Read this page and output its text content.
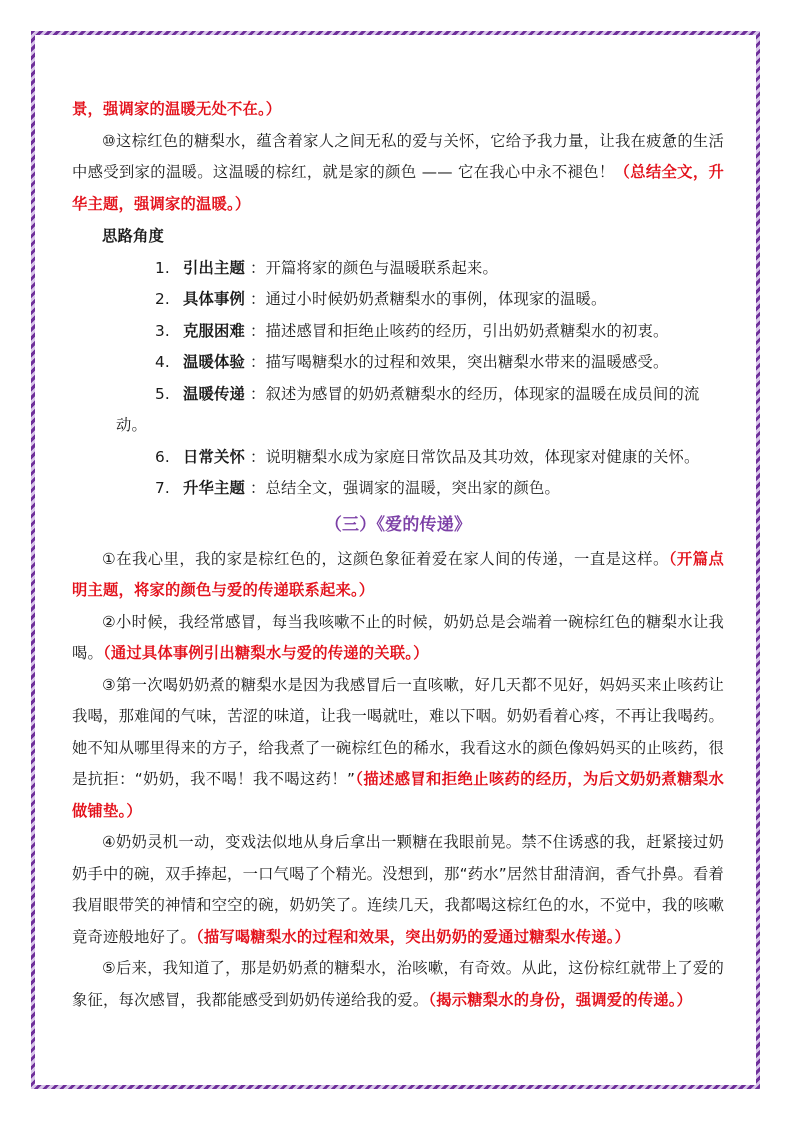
景，强调家的温暖无处不在。）

⑩这棕红色的糖梨水，蕴含着家人之间无私的爱与关怀，它给予我力量，让我在疲惫的生活中感受到家的温暖。这温暖的棕红，就是家的颜色 —— 它在我心中永不褪色！（总结全文，升华主题，强调家的温暖。）

思路角度

1. 引出主题 ：开篇将家的颜色与温暖联系起来。
2. 具体事例 ：通过小时候奶奶煮糖梨水的事例，体现家的温暖。
3. 克服困难 ：描述感冒和拒绝止咳药的经历，引出奶奶煮糖梨水的初衷。
4. 温暖体验 ：描写喝糖梨水的过程和效果，突出糖梨水带来的温暖感受。
5. 温暖传递 ：叙述为感冒的奶奶煮糖梨水的经历，体现家的温暖在成员间的流

动。

6. 日常关怀 ：说明糖梨水成为家庭日常饮品及其功效，体现家对健康的关怀。
7. 升华主题 ：总结全文，强调家的温暖，突出家的颜色。
（三）《爱的传递》

①在我心里，我的家是棕红色的，这颜色象征着爱在家人间的传递，一直是这样。（开篇点明主题，将家的颜色与爱的传递联系起来。）

②小时候，我经常感冒，每当我咳嗽不止的时候，奶奶总是会端着一碗棕红色的糖梨水让我喝。（通过具体事例引出糖梨水与爱的传递的关联。）

③第一次喝奶奶煮的糖梨水是因为我感冒后一直咳嗽，好几天都不见好，妈妈买来止咳药让我喝，那难闻的气味，苦涩的味道，让我一喝就吐，难以下咽。奶奶看着心疼，不再让我喝药。她不知从哪里得来的方子，给我煮了一碗棕红色的稀水，我看这水的颜色像妈妈买的止咳药，很是抗拒：“奶奶，我不喝！我不喝这药！”（描述感冒和拒绝止咳药的经历，为后文奶奶煮糖梨水做铺垫。）

④奶奶灵机一动，变戏法似地从身后拿出一颗糖在我眼前晃。禁不住诱惑的我，赶紧接过奶奶手中的碗，双手捧起，一口气喝了个精光。没想到，那“药水”居然甘甜清润，香气扑鼻。看着我眉眼带笑的神情和空空的碗，奶奶笑了。连续几天，我都喝这棕红色的水，不觉中，我的咳嗽竟奇迹般地好了。（描写喝糖梨水的过程和效果，突出奶奶的爱通过糖梨水传递。）

⑤后来，我知道了，那是奶奶煮的糖梨水，治咳嗽，有奇效。从此，这份棕红就带上了爱的象征，每次感冒，我都能感受到奶奶传递给我的爱。（揭示糖梨水的身份，强调爱的传递。）
